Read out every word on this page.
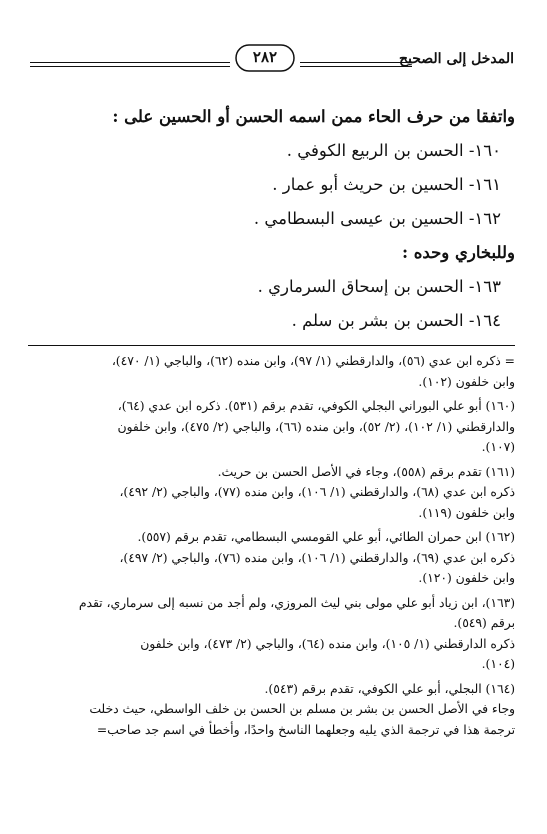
المدخل إلى الصحيح
٢٨٢
واتفقا من حرف الحاء ممن اسمه الحسن أو الحسين على :
١٦٠- الحسن بن الربيع الكوفي .
١٦١- الحسين بن حريث أبو عمار .
١٦٢- الحسين بن عيسى البسطامي .
وللبخاري وحده :
١٦٣- الحسن بن إسحاق السرماري .
١٦٤- الحسن بن بشر بن سلم .
= ذكره ابن عدي (٥٦)، والدارقطني (١/ ٩٧)، وابن منده (٦٢)، والباجي (١/ ٤٧٠)،
وابن خلفون (١٠٢).
(١٦٠) أبو علي البوراني البجلي الكوفي، تقدم برقم (٥٣١). ذكره ابن عدي (٦٤)،
والدارقطني (١/ ١٠٢)، (٢/ ٥٢)، وابن منده (٦٦)، والباجي (٢/ ٤٧٥)، وابن خلفون
(١٠٧).
(١٦١) تقدم برقم (٥٥٨)، وجاء في الأصل الحسن بن حريث.
ذكره ابن عدي (٦٨)، والدارقطني (١/ ١٠٦)، وابن منده (٧٧)، والباجي (٢/ ٤٩٢)،
وابن خلفون (١١٩).
(١٦٢) ابن حمران الطائي، أبو علي القومسي البسطامي، تقدم برقم (٥٥٧).
ذكره ابن عدي (٦٩)، والدارقطني (١/ ١٠٦)، وابن منده (٧٦)، والباجي (٢/ ٤٩٧)،
وابن خلفون (١٢٠).
(١٦٣)، ابن زياد أبو علي مولى بني ليث المروزي، ولم أجد من نسبه إلى سرماري، تقدم
برقم (٥٤٩).
ذكره الدارقطني (١/ ١٠٥)، وابن منده (٦٤)، والباجي (٢/ ٤٧٣)، وابن خلفون
(١٠٤).
(١٦٤) البجلي، أبو علي الكوفي، تقدم برقم (٥٤٣).
وجاء في الأصل الحسن بن بشر بن مسلم بن الحسن بن خلف الواسطي، حيث دخلت
ترجمة هذا في ترجمة الذي يليه وجعلهما الناسخ واحدًا، وأخطأ في اسم جد صاحب=
